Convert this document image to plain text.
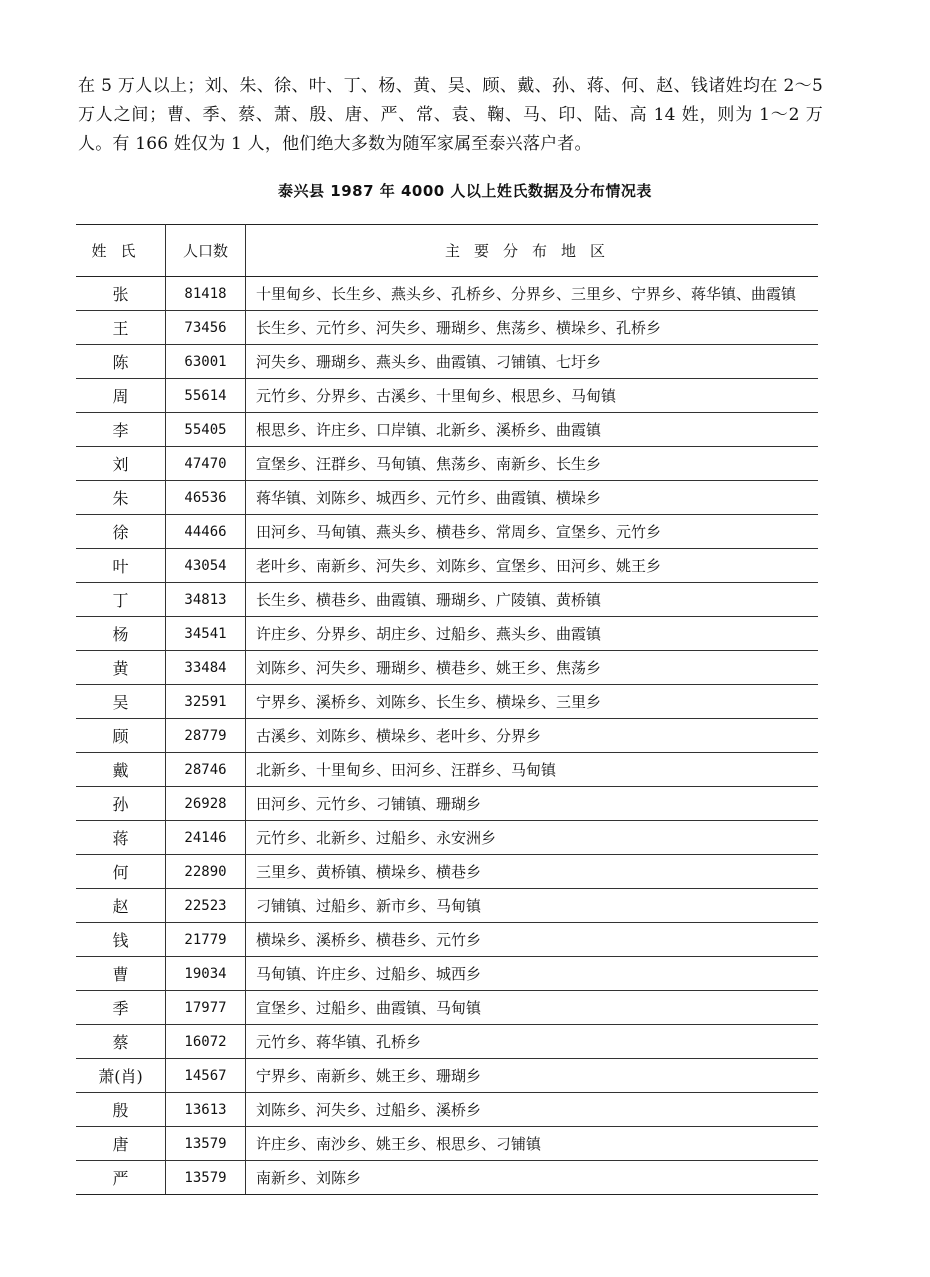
在 5 万人以上；刘、朱、徐、叶、丁、杨、黄、吴、顾、戴、孙、蒋、何、赵、钱诸姓均在 2～5 万人之间；曹、季、蔡、萧、殷、唐、严、常、袁、鞠、马、印、陆、高 14 姓，则为 1～2 万人。有 166 姓仅为 1 人，他们绝大多数为随军家属至泰兴落户者。

泰兴县 1987 年 4000 人以上姓氏数据及分布情况表
姓氏	人口数	主要分布地区
张	81418	十里甸乡、长生乡、燕头乡、孔桥乡、分界乡、三里乡、宁界乡、蒋华镇、曲霞镇
王	73456	长生乡、元竹乡、河失乡、珊瑚乡、焦荡乡、横垛乡、孔桥乡
陈	63001	河失乡、珊瑚乡、燕头乡、曲霞镇、刁铺镇、七圩乡
周	55614	元竹乡、分界乡、古溪乡、十里甸乡、根思乡、马甸镇
李	55405	根思乡、许庄乡、口岸镇、北新乡、溪桥乡、曲霞镇
刘	47470	宣堡乡、汪群乡、马甸镇、焦荡乡、南新乡、长生乡
朱	46536	蒋华镇、刘陈乡、城西乡、元竹乡、曲霞镇、横垛乡
徐	44466	田河乡、马甸镇、燕头乡、横巷乡、常周乡、宣堡乡、元竹乡
叶	43054	老叶乡、南新乡、河失乡、刘陈乡、宣堡乡、田河乡、姚王乡
丁	34813	长生乡、横巷乡、曲霞镇、珊瑚乡、广陵镇、黄桥镇
杨	34541	许庄乡、分界乡、胡庄乡、过船乡、燕头乡、曲霞镇
黄	33484	刘陈乡、河失乡、珊瑚乡、横巷乡、姚王乡、焦荡乡
吴	32591	宁界乡、溪桥乡、刘陈乡、长生乡、横垛乡、三里乡
顾	28779	古溪乡、刘陈乡、横垛乡、老叶乡、分界乡
戴	28746	北新乡、十里甸乡、田河乡、汪群乡、马甸镇
孙	26928	田河乡、元竹乡、刁铺镇、珊瑚乡
蒋	24146	元竹乡、北新乡、过船乡、永安洲乡
何	22890	三里乡、黄桥镇、横垛乡、横巷乡
赵	22523	刁铺镇、过船乡、新市乡、马甸镇
钱	21779	横垛乡、溪桥乡、横巷乡、元竹乡
曹	19034	马甸镇、许庄乡、过船乡、城西乡
季	17977	宣堡乡、过船乡、曲霞镇、马甸镇
蔡	16072	元竹乡、蒋华镇、孔桥乡
萧(肖)	14567	宁界乡、南新乡、姚王乡、珊瑚乡
殷	13613	刘陈乡、河失乡、过船乡、溪桥乡
唐	13579	许庄乡、南沙乡、姚王乡、根思乡、刁铺镇
严	13579	南新乡、刘陈乡
